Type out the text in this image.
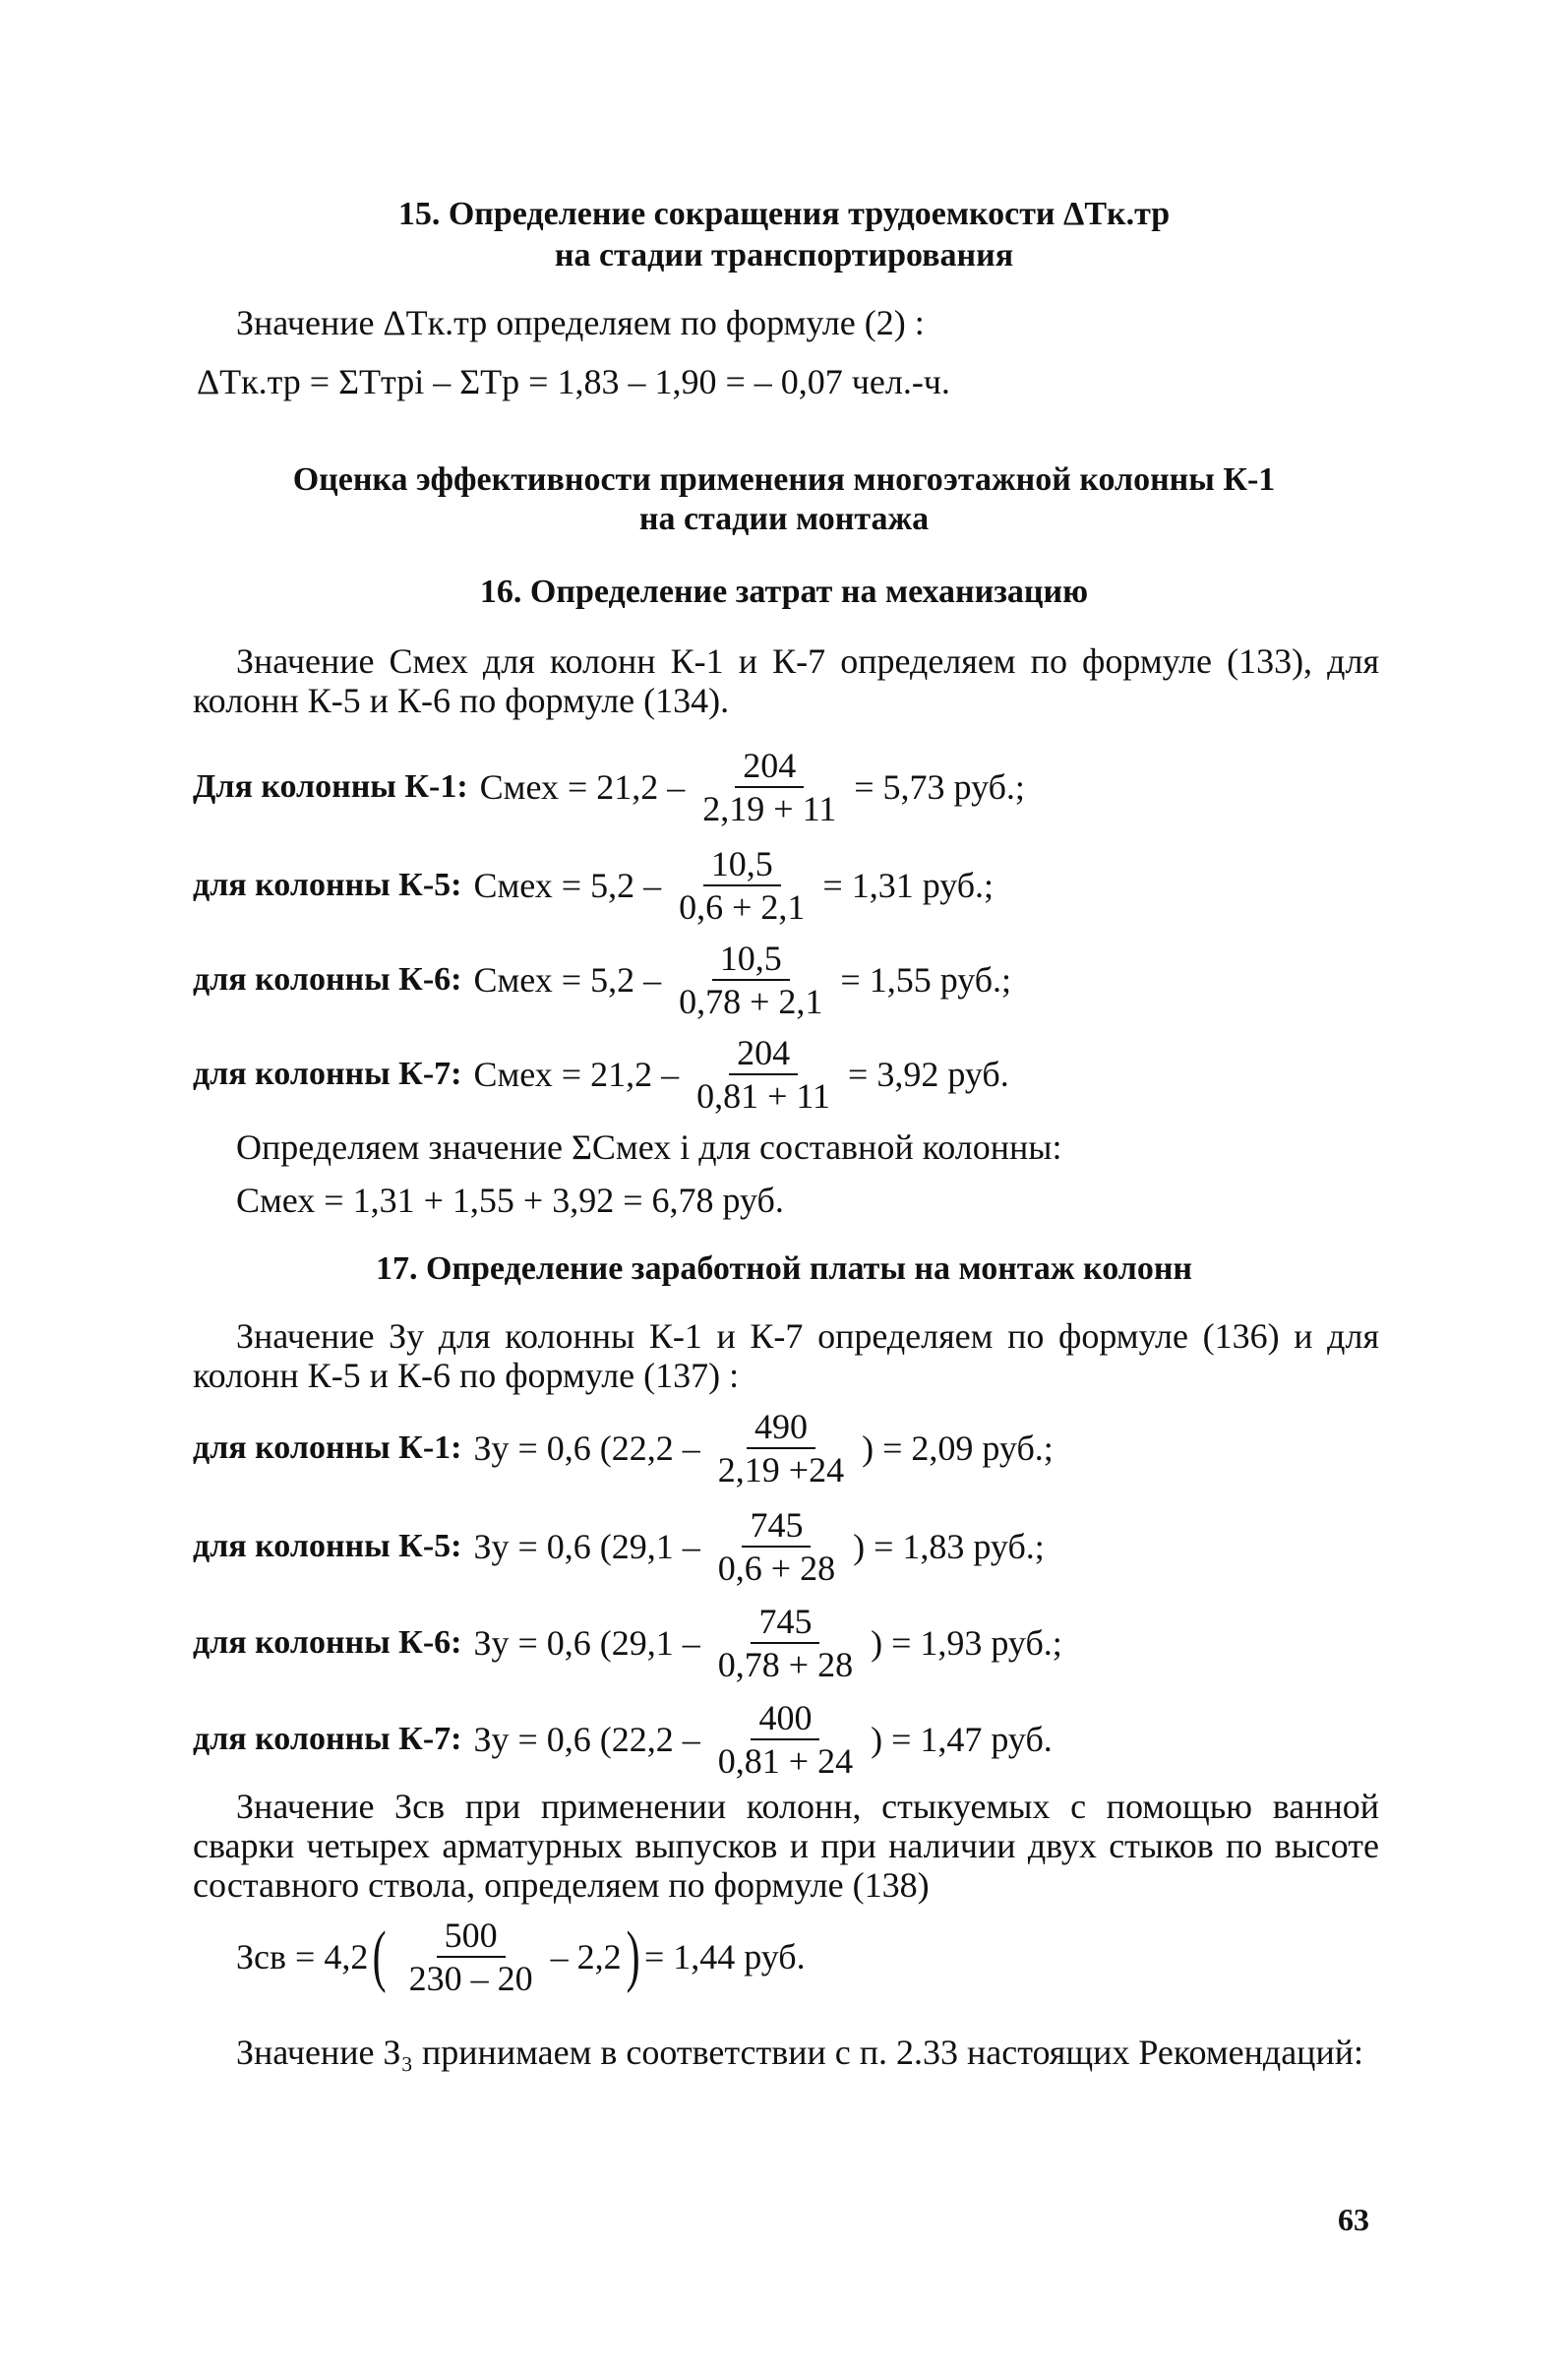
15. Определение сокращения трудоемкости ΔTк.тр
на стадии транспортирования
Значение ΔTк.тр определяем по формуле (2) :
ΔTк.тр = ΣTтрi – ΣTр = 1,83 – 1,90 = – 0,07 чел.-ч.
Оценка эффективности применения многоэтажной колонны К-1
на стадии монтажа
16. Определение затрат на механизацию
Значение Cмех для колонн К-1 и К-7 определяем по формуле (133), для колонн К-5 и К-6 по формуле (134).
Для колонны К-1: Cмех = $21,2 - \frac{204}{2,19 + 11} = 5,73$ руб.;
для колонны К-5: Cмех = $5,2 - \frac{10,5}{0,6 + 2,1} = 1,31$ руб.;
для колонны К-6: Cмех = $5,2 - \frac{10,5}{0,78 + 2,1} = 1,55$ руб.;
для колонны К-7: Cмех = $21,2 - \frac{204}{0,81 + 11} = 3,92$ руб.
Определяем значение ΣCмех i для составной колонны:
Cмех = 1,31 + 1,55 + 3,92 = 6,78 руб.
17. Определение заработной платы на монтаж колонн
Значение Зу для колонны К-1 и К-7 определяем по формуле (136) и для колонн К-5 и К-6 по формуле (137) :
для колонны К-1: Зу = 0,6 ($22,2 - \frac{490}{2,19 +24}$ ) = 2,09 руб.;
для колонны К-5: Зу = 0,6 ($29,1 - \frac{745}{0,6 + 28}$ ) = 1,83 руб.;
для колонны К-6: Зу = 0,6 ($29,1 - \frac{745}{0,78 + 28}$ ) = 1,93 руб.;
для колонны К-7: Зу = 0,6 ($22,2 - \frac{400}{0,81 + 24}$ ) = 1,47 руб.
Значение Зсв при применении колонн, стыкуемых с помощью ванной сварки четырех арматурных выпусков и при наличии двух стыков по высоте составного ствола, определяем по формуле (138)
Зсв = 4,2 ( $\frac{500}{230 - 20} - 2,2$ ) = 1,44 руб.
Значение З₃ принимаем в соответствии с п. 2.33 настоящих Рекомендаций:
63
